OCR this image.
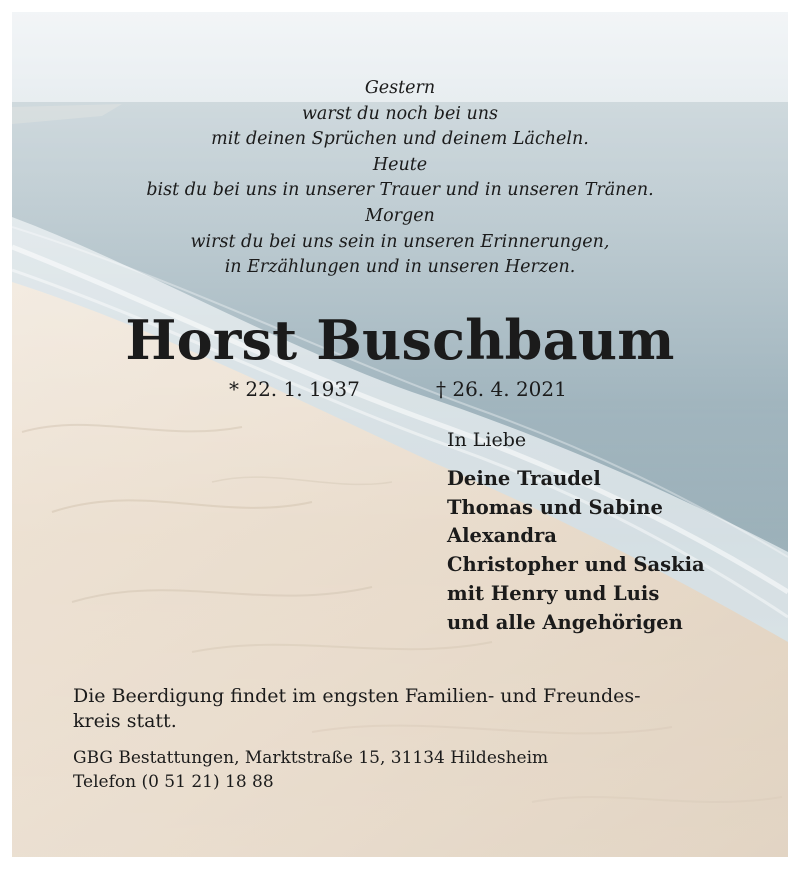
Gestern
warst du noch bei uns
mit deinen Sprüchen und deinem Lächeln.
Heute
bist du bei uns in unserer Trauer und in unseren Tränen.
Morgen
wirst du bei uns sein in unseren Erinnerungen,
in Erzählungen und in unseren Herzen.
Horst Buschbaum
* 22. 1. 1937	† 26. 4. 2021
In Liebe
Deine Traudel
Thomas und Sabine
Alexandra
Christopher und Saskia
mit Henry und Luis
und alle Angehörigen
Die Beerdigung findet im engsten Familien- und Freundes-
kreis statt.
GBG Bestattungen, Marktstraße 15, 31134 Hildesheim
Telefon (0 51 21) 18 88
